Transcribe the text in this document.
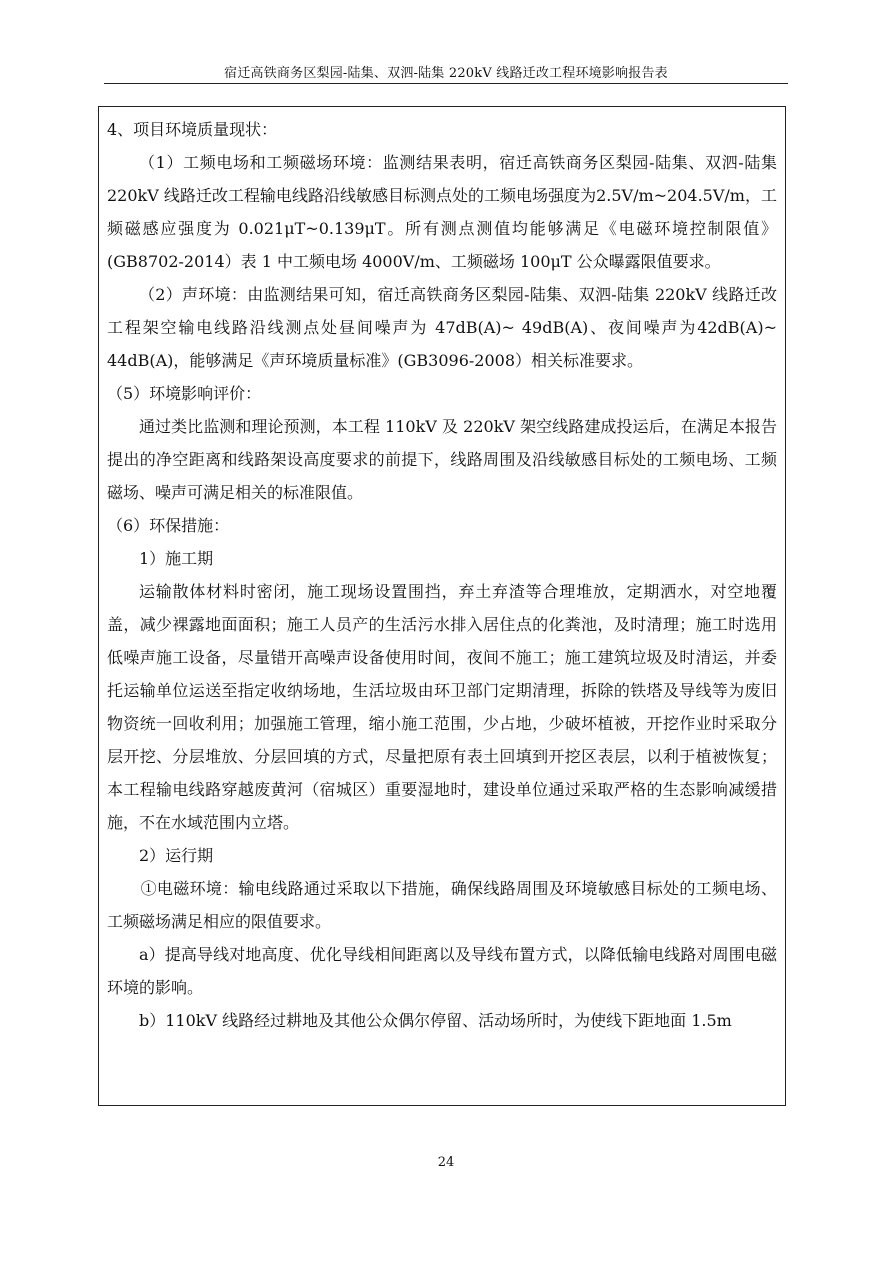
宿迁高铁商务区梨园-陆集、双泗-陆集 220kV 线路迁改工程环境影响报告表

4、项目环境质量现状：

（1）工频电场和工频磁场环境：监测结果表明，宿迁高铁商务区梨园-陆集、双泗-陆集 220kV 线路迁改工程输电线路沿线敏感目标测点处的工频电场强度为2.5V/m~204.5V/m，工频磁感应强度为 0.021μT~0.139μT。所有测点测值均能够满足《电磁环境控制限值》(GB8702-2014）表 1 中工频电场 4000V/m、工频磁场 100μT 公众曝露限值要求。

（2）声环境：由监测结果可知，宿迁高铁商务区梨园-陆集、双泗-陆集 220kV 线路迁改工程架空输电线路沿线测点处昼间噪声为 47dB(A)~ 49dB(A)、夜间噪声为42dB(A)~ 44dB(A)，能够满足《声环境质量标准》(GB3096-2008）相关标准要求。

（5）环境影响评价：

通过类比监测和理论预测，本工程 110kV 及 220kV 架空线路建成投运后，在满足本报告提出的净空距离和线路架设高度要求的前提下，线路周围及沿线敏感目标处的工频电场、工频磁场、噪声可满足相关的标准限值。

（6）环保措施：

1）施工期

运输散体材料时密闭，施工现场设置围挡，弃土弃渣等合理堆放，定期洒水，对空地覆盖，减少裸露地面面积；施工人员产的生活污水排入居住点的化粪池，及时清理；施工时选用低噪声施工设备，尽量错开高噪声设备使用时间，夜间不施工；施工建筑垃圾及时清运，并委托运输单位运送至指定收纳场地，生活垃圾由环卫部门定期清理，拆除的铁塔及导线等为废旧物资统一回收利用；加强施工管理，缩小施工范围，少占地，少破坏植被，开挖作业时采取分层开挖、分层堆放、分层回填的方式，尽量把原有表土回填到开挖区表层，以利于植被恢复；本工程输电线路穿越废黄河（宿城区）重要湿地时，建设单位通过采取严格的生态影响减缓措施，不在水域范围内立塔。

2）运行期

①电磁环境：输电线路通过采取以下措施，确保线路周围及环境敏感目标处的工频电场、工频磁场满足相应的限值要求。

a）提高导线对地高度、优化导线相间距离以及导线布置方式，以降低输电线路对周围电磁环境的影响。

b）110kV 线路经过耕地及其他公众偶尔停留、活动场所时，为使线下距地面 1.5m

24
